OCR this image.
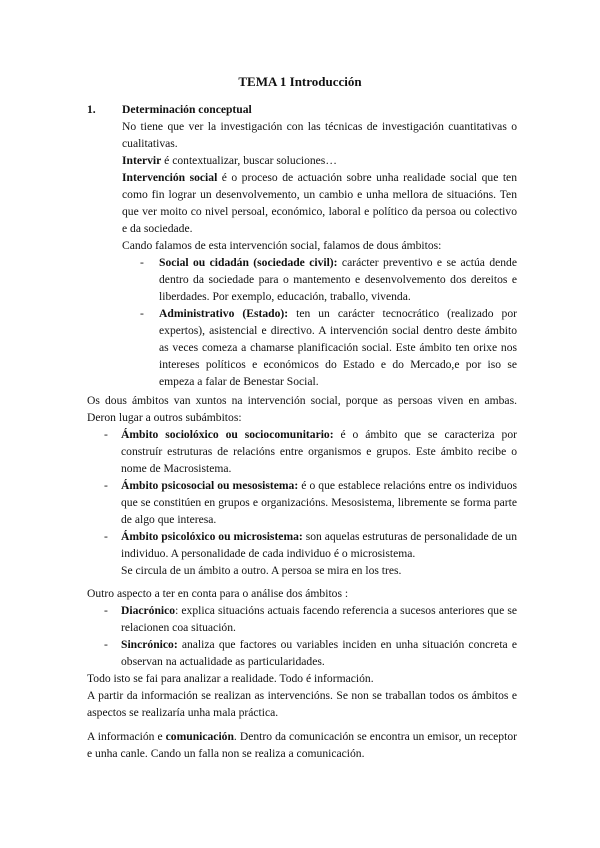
TEMA 1 Introducción
1. Determinación conceptual

No tiene que ver la investigación con las técnicas de investigación cuantitativas o cualitativas.

Intervir é contextualizar, buscar soluciones…

Intervención social é o proceso de actuación sobre unha realidade social que ten como fin lograr un desenvolvemento, un cambio e unha mellora de situacións. Ten que ver moito co nivel persoal, económico, laboral e político da persoa ou colectivo e da sociedade.

Cando falamos de esta intervención social, falamos de dous ámbitos:

- Social ou cidadán (sociedade civil): carácter preventivo e se actúa dende dentro da sociedade para o mantemento e desenvolvemento dos dereitos e liberdades. Por exemplo, educación, traballo, vivenda.
- Administrativo (Estado): ten un carácter tecnocrático (realizado por expertos), asistencial e directivo. A intervención social dentro deste ámbito as veces comeza a chamarse planificación social. Este ámbito ten orixe nos intereses políticos e económicos do Estado e do Mercado,e por iso se empeza a falar de Benestar Social.

Os dous ámbitos van xuntos na intervención social, porque as persoas viven en ambas. Deron lugar a outros subámbitos:

- Ámbito sociolóxico ou sociocomunitario: é o ámbito que se caracteriza por construír estruturas de relacións entre organismos e grupos. Este ámbito recibe o nome de Macrosistema.
- Ámbito psicosocial ou mesosistema: é o que establece relacións entre os individuos que se constitúen en grupos e organizacións. Mesosistema, libremente se forma parte de algo que interesa.
- Ámbito psicolóxico ou microsistema: son aquelas estruturas de personalidade de un individuo. A personalidade de cada individuo é o microsistema.

Se circula de un ámbito a outro. A persoa se mira en los tres.

Outro aspecto a ter en conta para o análise dos ámbitos :

- Diacrónico: explica situacións actuais facendo referencia a sucesos anteriores que se relacionen coa situación.
- Sincrónico: analiza que factores ou variables inciden en unha situación concreta e observan na actualidade as particularidades.

Todo isto se fai para analizar a realidade. Todo é información.

A partir da información se realizan as intervencións. Se non se traballan todos os ámbitos e aspectos se realizaría unha mala práctica.

A información e comunicación. Dentro da comunicación se encontra un emisor, un receptor e unha canle. Cando un falla non se realiza a comunicación.
